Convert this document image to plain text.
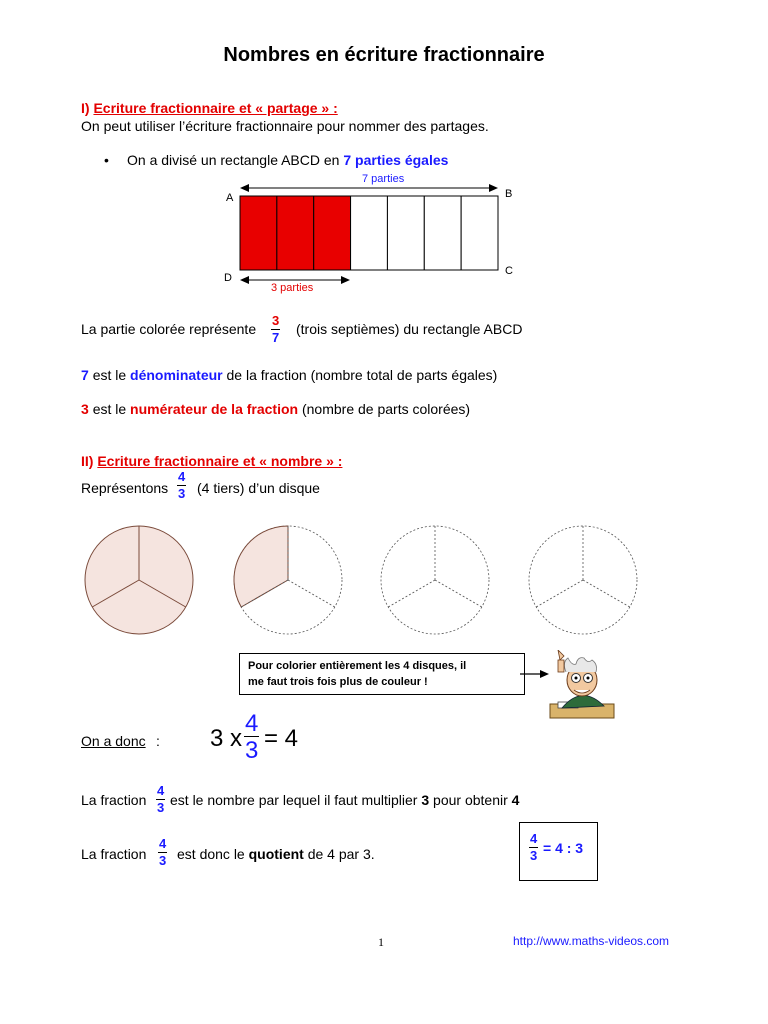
Nombres en écriture fractionnaire
I) Ecriture fractionnaire et « partage » :
On peut utiliser l’écriture fractionnaire pour nommer des partages.
• On a divisé un rectangle ABCD en 7 parties égales
7 parties
3 parties
A	B
C
D
La partie colorée représente $\frac{3}{7}$ (trois septièmes) du rectangle ABCD
7 est le dénominateur de la fraction (nombre total de parts égales)
3 est le numérateur de la fraction (nombre de parts colorées)
II) Ecriture fractionnaire et « nombre » :
Représentons $\frac{4}{3} (4$ tiers) d’un disque
Pour colorier entièrement les 4 disques, il
me faut trois fois plus de couleur !
On a donc : 3 x $\frac{4}{3} = 4$
La fraction $\frac{4}{3}$ est le nombre par lequel il faut multiplier 3 pour obtenir 4
La fraction $\frac{4}{3}$ est donc le quotient de 4 par 3.	$\frac{4}{3} = 4$ : 3
1	http://www.maths-videos.com
